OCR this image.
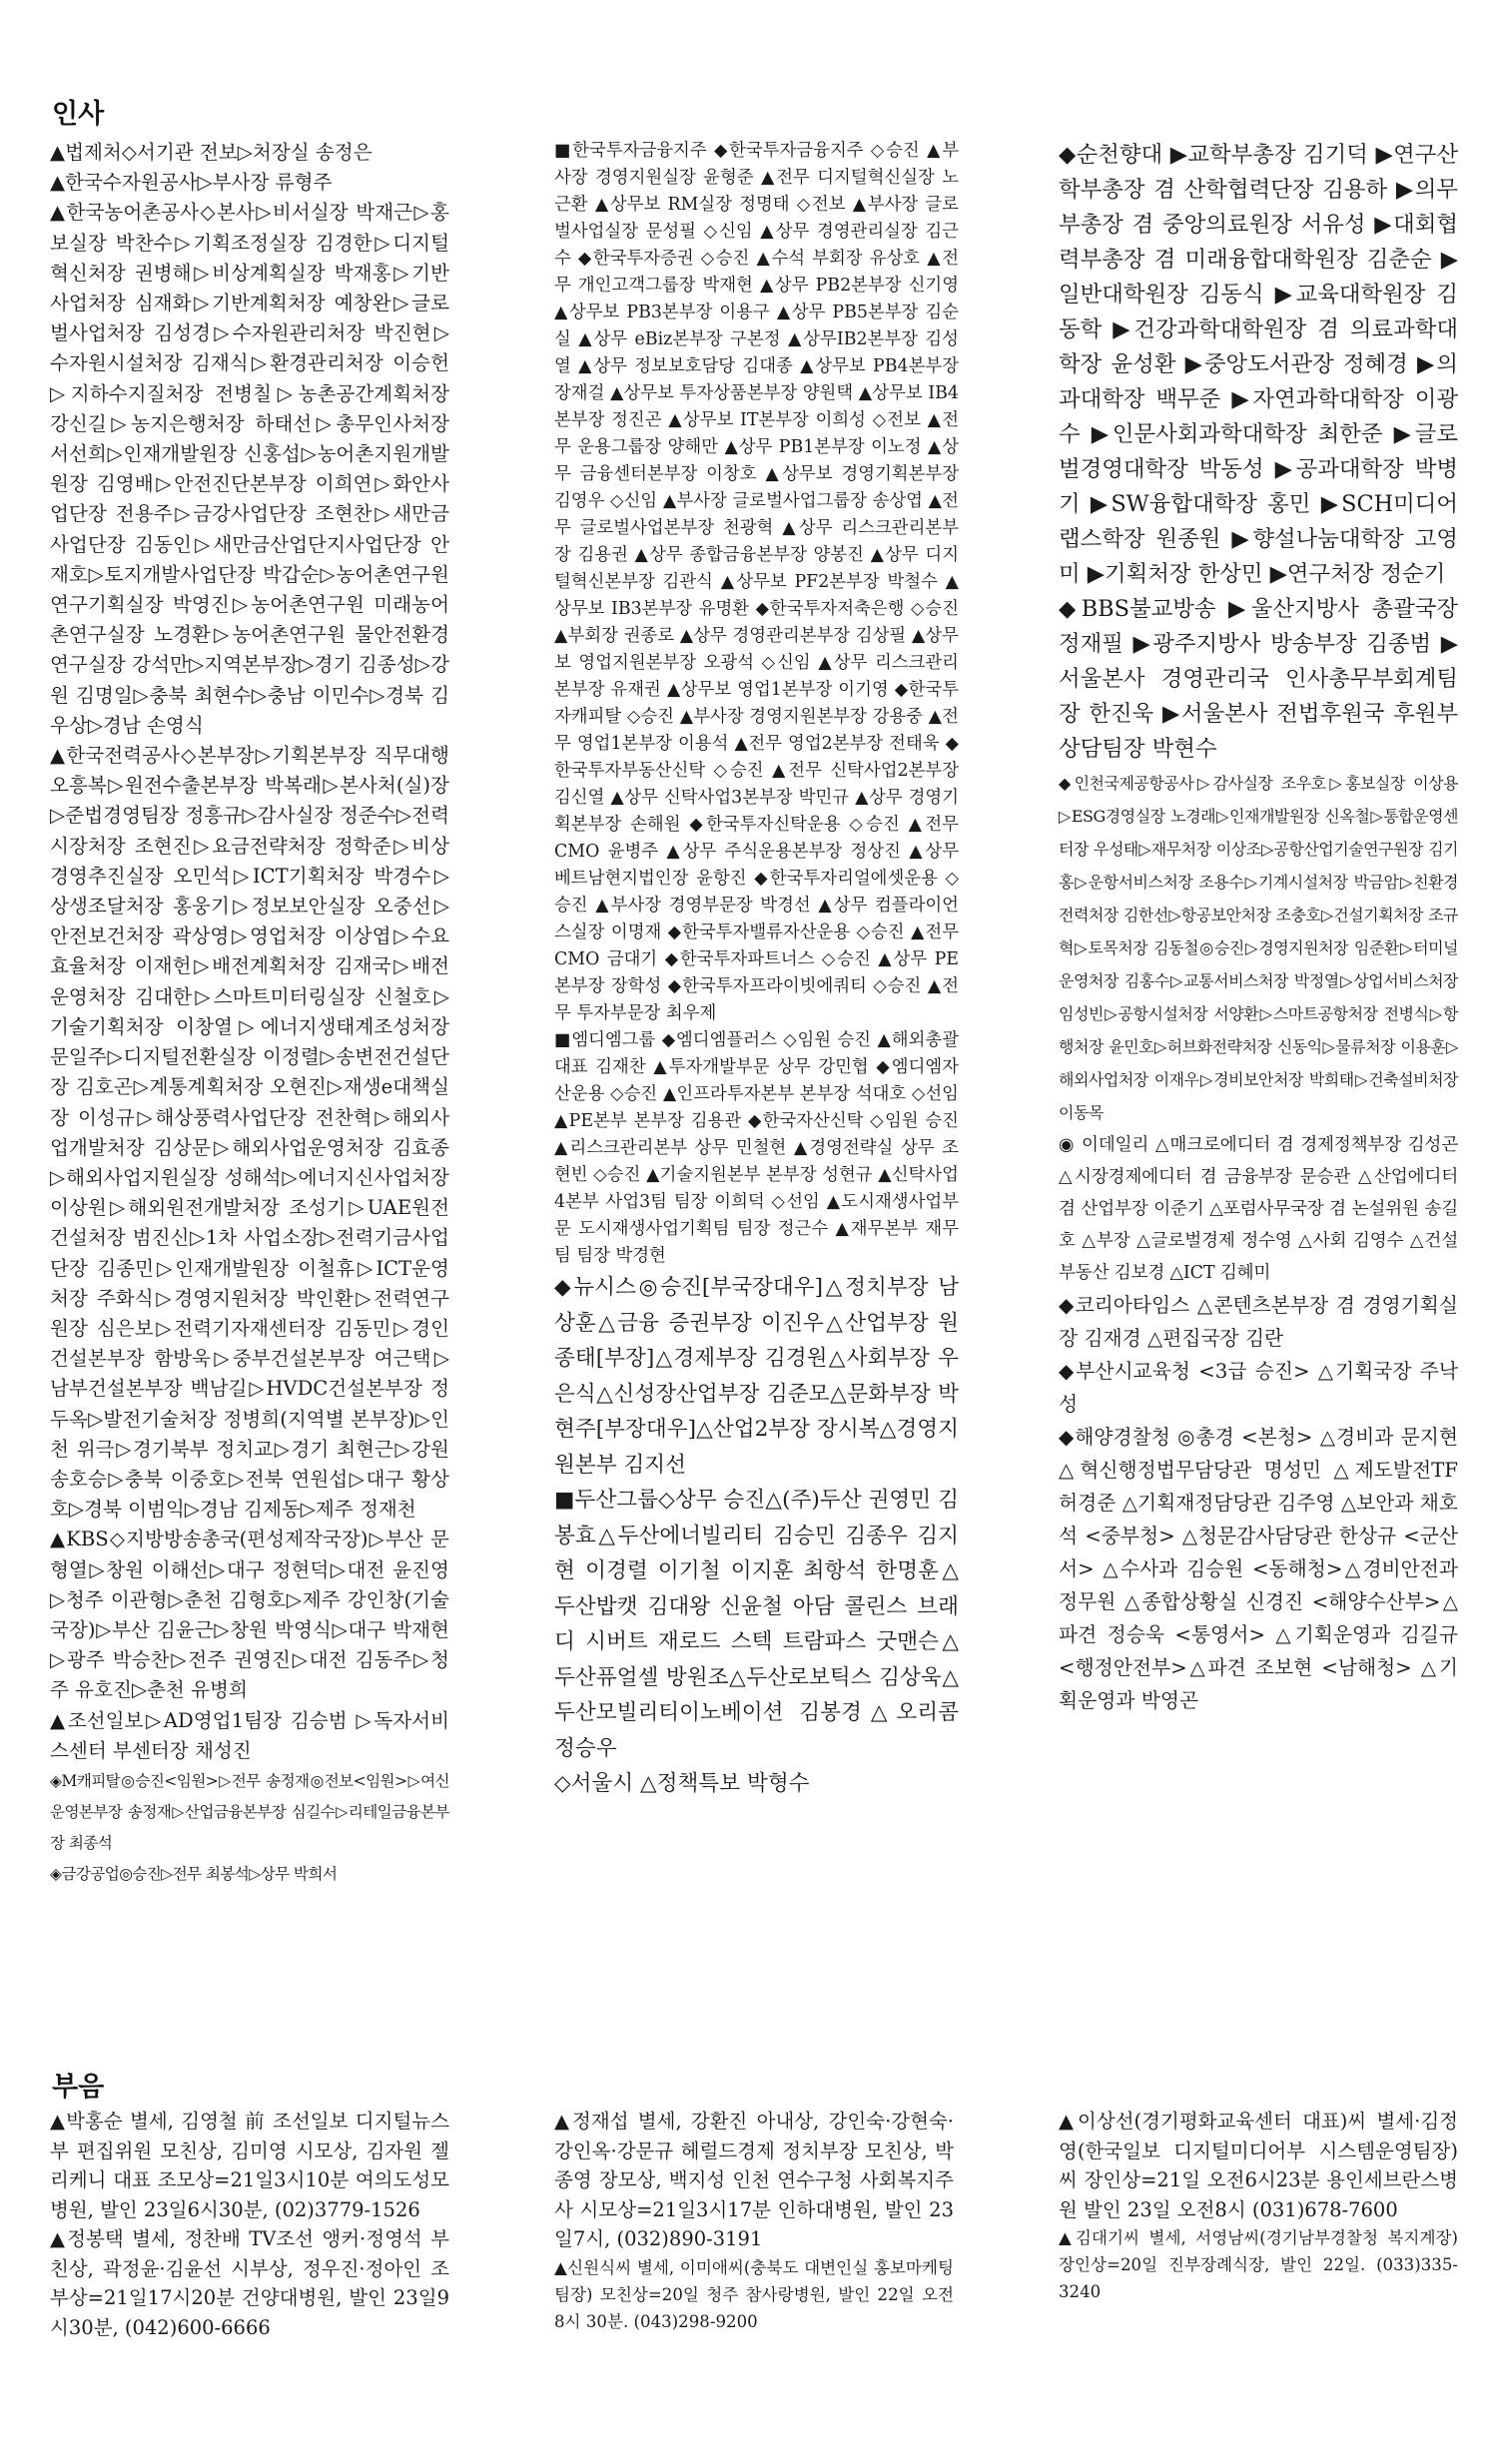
인사

▲법제처◇서기관 전보▷처장실 송정은

▲한국수자원공사▷부사장 류형주

▲한국농어촌공사◇본사▷비서실장 박재근▷홍보실장 박찬수▷기획조정실장 김경한▷디지털혁신처장 권병해▷비상계획실장 박재홍▷기반사업처장 심재화▷기반계획처장 예창완▷글로벌사업처장 김성경▷수자원관리처장 박진현▷수자원시설처장 김재식▷환경관리처장 이승헌▷지하수지질처장 전병칠▷농촌공간계획처장 강신길▷농지은행처장 하태선▷총무인사처장 서선희▷인재개발원장 신홍섭▷농어촌지원개발원장 김영배▷안전진단본부장 이희연▷화안사업단장 전용주▷금강사업단장 조현찬▷새만금사업단장 김동인▷새만금산업단지사업단장 안재호▷토지개발사업단장 박갑순▷농어촌연구원 연구기획실장 박영진▷농어촌연구원 미래농어촌연구실장 노경환▷농어촌연구원 물안전환경연구실장 강석만▷지역본부장▷경기 김종성▷강원 김명일▷충북 최현수▷충남 이민수▷경북 김우상▷경남 손영식

▲한국전력공사◇본부장▷기획본부장 직무대행 오흥복▷원전수출본부장 박복래▷본사처(실)장▷준법경영팀장 정흥규▷감사실장 정준수▷전력시장처장 조현진▷요금전략처장 정학준▷비상경영추진실장 오민석▷ICT기획처장 박경수▷상생조달처장 홍웅기▷정보보안실장 오중선▷안전보건처장 곽상영▷영업처장 이상엽▷수요효율처장 이재헌▷배전계획처장 김재국▷배전운영처장 김대한▷스마트미터링실장 신철호▷기술기획처장 이창열▷에너지생태계조성처장 문일주▷디지털전환실장 이정렬▷송변전건설단장 김호곤▷계통계획처장 오현진▷재생e대책실장 이성규▷해상풍력사업단장 전찬혁▷해외사업개발처장 김상문▷해외사업운영처장 김효종▷해외사업지원실장 성해석▷에너지신사업처장 이상원▷해외원전개발처장 조성기▷UAE원전건설처장 범진신▷1차 사업소장▷전력기금사업단장 김종민▷인재개발원장 이철휴▷ICT운영처장 주화식▷경영지원처장 박인환▷전력연구원장 심은보▷전력기자재센터장 김동민▷경인건설본부장 함방욱▷중부건설본부장 여근택▷남부건설본부장 백남길▷HVDC건설본부장 정두옥▷발전기술처장 정병희(지역별 본부장)▷인천 위극▷경기북부 정치교▷경기 최현근▷강원 송호승▷충북 이중호▷전북 연원섭▷대구 황상호▷경북 이범익▷경남 김제동▷제주 정재천

▲KBS◇지방방송총국(편성제작국장)▷부산 문형열▷창원 이해선▷대구 정현덕▷대전 윤진영▷청주 이관형▷춘천 김형호▷제주 강인창(기술국장)▷부산 김윤근▷창원 박영식▷대구 박재현▷광주 박승찬▷전주 권영진▷대전 김동주▷청주 유호진▷춘천 유병희

▲조선일보▷AD영업1팀장 김승범 ▷독자서비스센터 부센터장 채성진

◈M캐피탈◎승진<임원>▷전무 송정재◎전보<임원>▷여신운영본부장 송정재▷산업금융본부장 심길수▷리테일금융본부장 최종석

◈금강공업◎승진▷전무 최봉석▷상무 박희서

■한국투자금융지주 ◆한국투자금융지주 ◇승진 ▲부사장 경영지원실장 윤형준 ▲전무 디지털혁신실장 노근환 ▲상무보 RM실장 정명태 ◇전보 ▲부사장 글로벌사업실장 문성필 ◇신임 ▲상무 경영관리실장 김근수 ◆한국투자증권 ◇승진 ▲수석 부회장 유상호 ▲전무 개인고객그룹장 박재현 ▲상무 PB2본부장 신기영 ▲상무보 PB3본부장 이용구 ▲상무 PB5본부장 김순실 ▲상무 eBiz본부장 구본정 ▲상무IB2본부장 김성열 ▲상무 정보보호담당 김대종 ▲상무보 PB4본부장 장재걸 ▲상무보 투자상품본부장 양원택 ▲상무보 IB4본부장 정진곤 ▲상무보 IT본부장 이희성 ◇전보 ▲전무 운용그룹장 양해만 ▲상무 PB1본부장 이노정 ▲상무 금융센터본부장 이창호 ▲상무보 경영기획본부장 김영우 ◇신임 ▲부사장 글로벌사업그룹장 송상엽 ▲전무 글로벌사업본부장 천광혁 ▲상무 리스크관리본부장 김용권 ▲상무 종합금융본부장 양봉진 ▲상무 디지털혁신본부장 김관식 ▲상무보 PF2본부장 박철수 ▲상무보 IB3본부장 유명환 ◆한국투자저축은행 ◇승진 ▲부회장 권종로 ▲상무 경영관리본부장 김상필 ▲상무보 영업지원본부장 오광석 ◇신임 ▲상무 리스크관리본부장 유재권 ▲상무보 영업1본부장 이기영 ◆한국투자캐피탈 ◇승진 ▲부사장 경영지원본부장 강용중 ▲전무 영업1본부장 이용석 ▲전무 영업2본부장 전태욱 ◆한국투자부동산신탁 ◇승진 ▲전무 신탁사업2본부장 김신열 ▲상무 신탁사업3본부장 박민규 ▲상무 경영기획본부장 손해원 ◆한국투자신탁운용 ◇승진 ▲전무 CMO 윤병주 ▲상무 주식운용본부장 정상진 ▲상무 베트남현지법인장 윤항진 ◆한국투자리얼에셋운용 ◇승진 ▲부사장 경영부문장 박경선 ▲상무 컴플라이언스실장 이명재 ◆한국투자밸류자산운용 ◇승진 ▲전무 CMO 금대기 ◆한국투자파트너스 ◇승진 ▲상무 PE본부장 장학성 ◆한국투자프라이빗에쿼티 ◇승진 ▲전무 투자부문장 최우제

■엠디엠그룹 ◆엠디엠플러스 ◇임원 승진 ▲해외총괄 대표 김재찬 ▲투자개발부문 상무 강민협 ◆엠디엠자산운용 ◇승진 ▲인프라투자본부 본부장 석대호 ◇선임 ▲PE본부 본부장 김용관 ◆한국자산신탁 ◇임원 승진 ▲리스크관리본부 상무 민철현 ▲경영전략실 상무 조현빈 ◇승진 ▲기술지원본부 본부장 성현규 ▲신탁사업4본부 사업3팀 팀장 이희덕 ◇선임 ▲도시재생사업부문 도시재생사업기획팀 팀장 정근수 ▲재무본부 재무팀 팀장 박경현

◆뉴시스◎승진[부국장대우]△정치부장 남상훈△금융 증권부장 이진우△산업부장 원종태[부장]△경제부장 김경원△사회부장 우은식△신성장산업부장 김준모△문화부장 박현주[부장대우]△산업2부장 장시복△경영지원본부 김지선

■두산그룹◇상무 승진△(주)두산 권영민 김봉효△두산에너빌리티 김승민 김종우 김지현 이경렬 이기철 이지훈 최항석 한명훈△두산밥캣 김대왕 신윤철 아담 콜린스 브래디 시버트 재로드 스텍 트람파스 굿맨슨△두산퓨얼셀 방원조△두산로보틱스 김상욱△두산모빌리티이노베이션 김봉경△오리콤 정승우

◇서울시 △정책특보 박형수

◆순천향대 ▶교학부총장 김기덕 ▶연구산학부총장 겸 산학협력단장 김용하 ▶의무부총장 겸 중앙의료원장 서유성 ▶대회협력부총장 겸 미래융합대학원장 김춘순 ▶일반대학원장 김동식 ▶교육대학원장 김동학 ▶건강과학대학원장 겸 의료과학대학장 윤성환 ▶중앙도서관장 정혜경 ▶의과대학장 백무준 ▶자연과학대학장 이광수 ▶인문사회과학대학장 최한준 ▶글로벌경영대학장 박동성 ▶공과대학장 박병기 ▶SW융합대학장 홍민 ▶SCH미디어랩스학장 원종원 ▶향설나눔대학장 고영미 ▶기획처장 한상민 ▶연구처장 정순기

◆BBS불교방송 ▶울산지방사 총괄국장 정재필 ▶광주지방사 방송부장 김종범 ▶서울본사 경영관리국 인사총무부회계팀장 한진욱 ▶서울본사 전법후원국 후원부 상담팀장 박현수

◆인천국제공항공사▷감사실장 조우호▷홍보실장 이상용▷ESG경영실장 노경래▷인재개발원장 신옥철▷통합운영센터장 우성태▷재무처장 이상조▷공항산업기술연구원장 김기홍▷운항서비스처장 조용수▷기계시설처장 박금암▷친환경전력처장 김한선▷항공보안처장 조충호▷건설기획처장 조규혁▷토목처장 김동철◎승진▷경영지원처장 임준환▷터미널운영처장 김홍수▷교통서비스처장 박정열▷상업서비스처장 임성빈▷공항시설처장 서양환▷스마트공항처장 전병식▷항행처장 윤민호▷허브화전략처장 신동익▷물류처장 이용훈▷해외사업처장 이재우▷경비보안처장 박희태▷건축설비처장 이동목

◉ 이데일리 △매크로에디터 겸 경제정책부장 김성곤 △시장경제에디터 겸 금융부장 문승관 △산업에디터겸 산업부장 이준기 △포럼사무국장 겸 논설위원 송길호 △부장 △글로벌경제 정수영 △사회 김영수 △건설부동산 김보경 △ICT 김혜미

◆코리아타임스 △콘텐츠본부장 겸 경영기획실장 김재경 △편집국장 김란

◆부산시교육청 <3급 승진> △기획국장 주낙성

◆해양경찰청 ◎총경 <본청> △경비과 문지현 △혁신행정법무담당관 명성민 △제도발전TF 허경준 △기획재정담당관 김주영 △보안과 채호석 <중부청> △청문감사담당관 한상규 <군산서> △수사과 김승원 <동해청>△경비안전과 정무원 △종합상황실 신경진 <해양수산부>△파견 정승욱 <통영서> △기획운영과 김길규 <행정안전부>△파견 조보현 <남해청> △기획운영과 박영곤

부음

▲박홍순 별세, 김영철 前 조선일보 디지털뉴스부 편집위원 모친상, 김미영 시모상, 김자원 젤리케니 대표 조모상=21일3시10분 여의도성모병원, 발인 23일6시30분, (02)3779-1526

▲정봉택 별세, 정찬배 TV조선 앵커·정영석 부친상, 곽정윤·김윤선 시부상, 정우진·정아인 조부상=21일17시20분 건양대병원, 발인 23일9시30분, (042)600-6666

▲정재섭 별세, 강환진 아내상, 강인숙·강현숙·강인옥·강문규 헤럴드경제 정치부장 모친상, 박종영 장모상, 백지성 인천 연수구청 사회복지주사 시모상=21일3시17분 인하대병원, 발인 23일7시, (032)890-3191

▲신원식씨 별세, 이미애씨(충북도 대변인실 홍보마케팅팀장) 모친상=20일 청주 참사랑병원, 발인 22일 오전 8시 30분. (043)298-9200

▲이상선(경기평화교육센터 대표)씨 별세·김정영(한국일보 디지털미디어부 시스템운영팀장)씨 장인상=21일 오전6시23분 용인세브란스병원 발인 23일 오전8시 (031)678-7600

▲김대기씨 별세, 서영남씨(경기남부경찰청 복지계장) 장인상=20일 진부장례식장, 발인 22일. (033)335-3240
